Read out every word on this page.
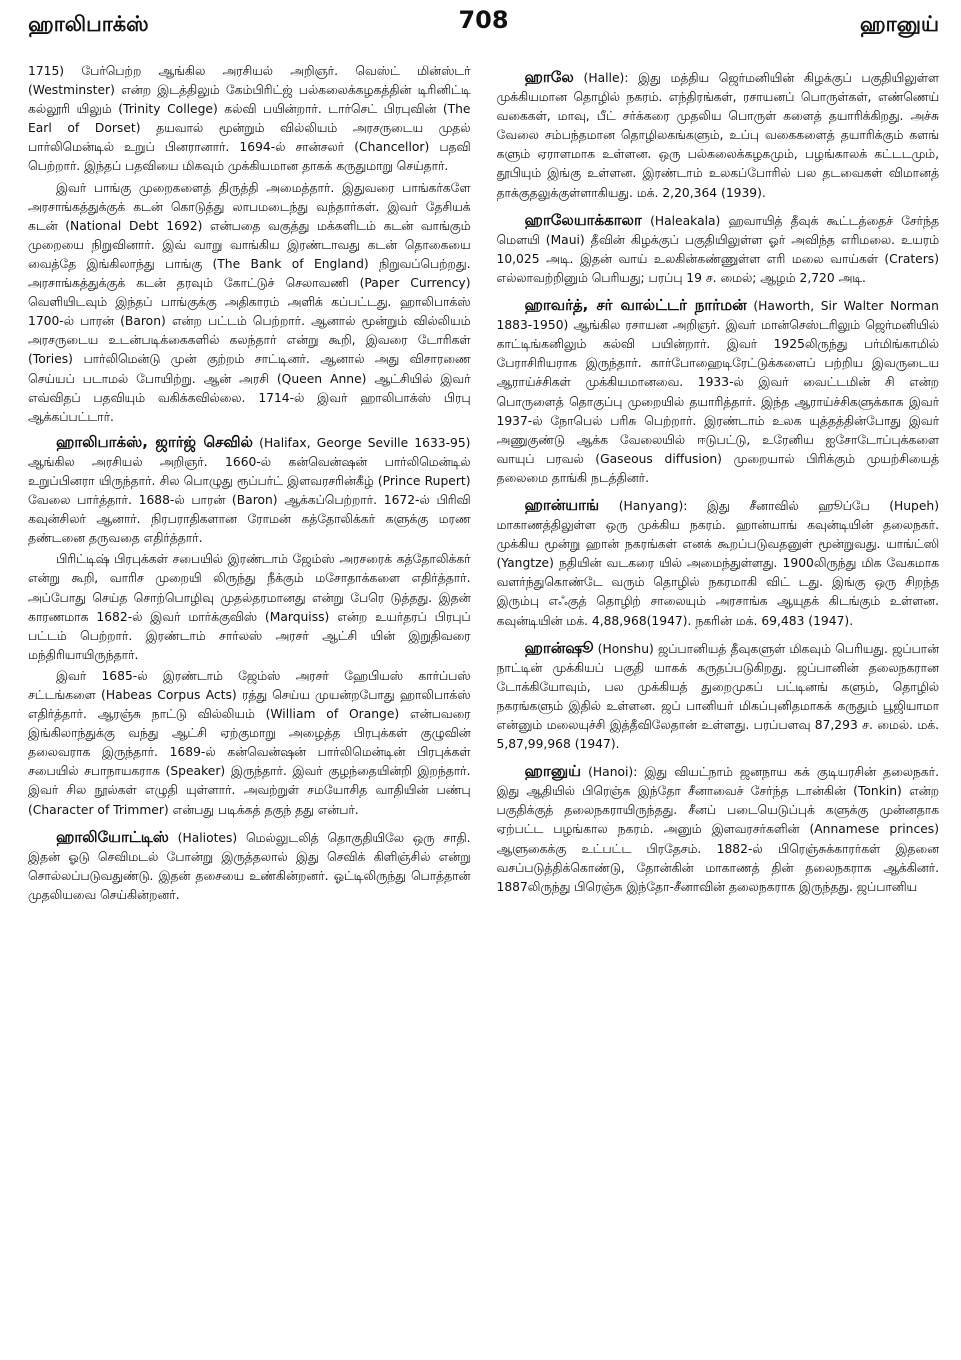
ஹாலிபாக்ஸ்	708	ஹானுய்

1715) பேர்பெற்ற ஆங்கில அரசியல் அறிஞர். வெஸ்ட் மின்ஸ்டர் (Westminster) என்ற இடத்திலும் கேம்பிரிட்ஜ் பல்கலைக்கழகத்தின் டிரினிட்டி கல்லூரி யிலும் (Trinity College) கல்வி பயின்றார். டார்செட் பிரபுவின் (The Earl of Dorset) தயவால் மூன்றும் வில்லியம் அரசருடைய முதல் பார்லிமென்டில் உறுப் பினரானார். 1694-ல் சான்சலர் (Chancellor) பதவி பெற்றார். இந்தப் பதவியை மிகவும் முக்கியமான தாகக் கருதுமாறு செய்தார்.

இவர் பாங்கு முறைகளைத் திருத்தி அமைத்தார். இதுவரை பாங்கர்களே அரசாங்கத்துக்குக் கடன் கொடுத்து லாபமடைந்து வந்தார்கள். இவர் தேசியக் கடன் (National Debt 1692) என்பதை வகுத்து மக்களிடம் கடன் வாங்கும் முறையை நிறுவினார். இவ் வாறு வாங்கிய இரண்டாவது கடன் தொகையை வைத்தே இங்கிலாந்து பாங்கு (The Bank of England) நிறுவப்பெற்றது. அரசாங்கத்துக்குக் கடன் தரவும் கோட்டுச் செலாவணி (Paper Currency) வெளியிடவும் இந்தப் பாங்குக்கு அதிகாரம் அளிக் கப்பட்டது. ஹாலிபாக்ஸ் 1700-ல் பாரன் (Baron) என்ற பட்டம் பெற்றார். ஆனால் மூன்றும் வில்லியம் அரசருடைய உடன்படிக்கைகளில் கலந்தார் என்று கூறி, இவரை டோரிகள் (Tories) பார்லிமென்டு முன் குற்றம் சாட்டினர். ஆனால் அது விசாரணை செய்யப் படாமல் போயிற்று. ஆன் அரசி (Queen Anne) ஆட்சியில் இவர் எவ்விதப் பதவியும் வகிக்கவில்லை. 1714-ல் இவர் ஹாலிபாக்ஸ் பிரபு ஆக்கப்பட்டார்.

ஹாலிபாக்ஸ், ஜார்ஜ் செவில் (Halifax, George Seville 1633-95) ஆங்கில அரசியல் அறிஞர். 1660-ல் கன்வென்ஷன் பார்லிமென்டில் உறுப்பினரா யிருந்தார். சில பொழுது ரூப்பர்ட் இளவரசரின்கீழ் (Prince Rupert) வேலை பார்த்தார். 1688-ல் பாரன் (Baron) ஆக்கப்பெற்றார். 1672-ல் பிரிவி கவுன்சிலர் ஆனார். நிரபராதிகளான ரோமன் கத்தோலிக்கர் களுக்கு மரண தண்டனை தருவதை எதிர்த்தார்.

பிரிட்டிஷ் பிரபுக்கள் சபையில் இரண்டாம் ஜேம்ஸ் அரசரைக் கத்தோலிக்கர் என்று கூறி, வாரிச முறையி லிருந்து நீக்கும் மசோதாக்களை எதிர்த்தார். அப்போது செய்த சொற்பொழிவு முதல்தரமானது என்று பேரெ டுத்தது. இதன் காரணமாக 1682-ல் இவர் மார்க்குவிஸ் (Marquiss) என்ற உயர்தரப் பிரபுப் பட்டம் பெற்றார். இரண்டாம் சார்லஸ் அரசர் ஆட்சி யின் இறுதிவரை மந்திரியாயிருந்தார்.

இவர் 1685-ல் இரண்டாம் ஜேம்ஸ் அரசர் ஹேபியஸ் கார்ப்பஸ் சட்டங்களை (Habeas Corpus Acts) ரத்து செய்ய முயன்றபோது ஹாலிபாக்ஸ் எதிர்த்தார். ஆரஞ்சு நாட்டு வில்லியம் (William of Orange) என்பவரை இங்கிலாந்துக்கு வந்து ஆட்சி ஏற்குமாறு அழைத்த பிரபுக்கள் குழுவின் தலைவராக இருந்தார். 1689-ல் கன்வென்ஷன் பார்லிமென்டின் பிரபுக்கள் சபையில் சபாநாயகராக (Speaker) இருந்தார். இவர் குழந்தையின்றி இறந்தார். இவர் சில நூல்கள் எழுதி யுள்ளார். அவற்றுள் சமயோசித வாதியின் பண்பு (Character of Trimmer) என்பது படிக்கத் தகுந் தது என்பர்.

ஹாலியோட்டிஸ் (Haliotes) மெல்லுடலித் தொகுதியிலே ஒரு சாதி. இதன் ஓடு செவிமடல் போன்று இருத்தலால் இது செவிக் கிளிஞ்சில் என்று சொல்லப்படுவதுண்டு. இதன் தசையை உண்கின்றனர். ஓட்டிலிருந்து பொத்தான் முதலியவை செய்கின்றனர்.

ஹாலே (Halle): இது மத்திய ஜெர்மனியின் கிழக்குப் பகுதியிலுள்ள முக்கியமான தொழில் நகரம். எந்திரங்கள், ரசாயனப் பொருள்கள், எண்ணெய் வகைகள், மாவு, பீட் சர்க்கரை முதலிய பொருள் களைத் தயாரிக்கிறது. அச்சு வேலை சம்பந்தமான தொழிலகங்களும், உப்பு வகைகளைத் தயாரிக்கும் களங் களும் ஏராளமாக உள்ளன. ஒரு பல்கலைக்கழகமும், பழங்காலக் கட்டடமும், தூபியும் இங்கு உள்ளன. இரண்டாம் உலகப்போரில் பல தடவைகள் விமானத் தாக்குதலுக்குள்ளாகியது. மக். 2,20,364 (1939).

ஹாலேயாக்காலா (Haleakala) ஹவாயித் தீவுக் கூட்டத்தைச் சேர்ந்த மௌயி (Maui) தீவின் கிழக்குப் பகுதியிலுள்ள ஓர் அவிந்த எரிமலை. உயரம் 10,025 அடி. இதன் வாய் உலகின்கண்ணுள்ள எரி மலை வாய்கள் (Craters) எல்லாவற்றினும் பெரியது; பரப்பு 19 ச. மைல்; ஆழம் 2,720 அடி.

ஹாவர்த், சர் வால்ட்டர் நார்மன் (Haworth, Sir Walter Norman 1883-1950) ஆங்கில ரசாயன அறிஞர். இவர் மான்செஸ்டரிலும் ஜெர்மனியில் காட்டிங்கனிலும் கல்வி பயின்றார். இவர் 1925லிருந்து பர்மிங்காமில் பேராசிரியராக இருந்தார். கார்போஹைடிரேட்டுக்களைப் பற்றிய இவருடைய ஆராய்ச்சிகள் முக்கியமானவை. 1933-ல் இவர் வைட்டமின் சி என்ற பொருளைத் தொகுப்பு முறையில் தயாரித்தார். இந்த ஆராய்ச்சிகளுக்காக இவர் 1937-ல் நோபெல் பரிசு பெற்றார். இரண்டாம் உலக யுத்தத்தின்போது இவர் அணுகுண்டு ஆக்க வேலையில் ஈடுபட்டு, உரேனிய ஐசோடோப்புக்களை வாயுப் பரவல் (Gaseous diffusion) முறையால் பிரிக்கும் முயற்சியைத் தலைமை தாங்கி நடத்தினர்.

ஹான்யாங் (Hanyang): இது சீனாவில் ஹூப்பே (Hupeh) மாகாணத்திலுள்ள ஒரு முக்கிய நகரம். ஹான்யாங் கவுன்டியின் தலைநகர். முக்கிய மூன்று ஹான் நகரங்கள் எனக் கூறப்படுவதனுள் மூன்றுவது. யாங்ட்ஸி (Yangtze) நதியின் வடகரை யில் அமைந்துள்ளது. 1900லிருந்து மிக வேகமாக வளர்ந்துகொண்டே வரும் தொழில் நகரமாகி விட் டது. இங்கு ஒரு சிறந்த இரும்பு எஃகுத் தொழிற் சாலையும் அரசாங்க ஆயுதக் கிடங்கும் உள்ளன. கவுன்டியின் மக். 4,88,968(1947). நகரின் மக். 69,483 (1947).

ஹான்ஷூ (Honshu) ஜப்பானியத் தீவுகளுள் மிகவும் பெரியது. ஜப்பான் நாட்டின் முக்கியப் பகுதி யாகக் கருதப்படுகிறது. ஜப்பானின் தலைநகரான டோக்கியோவும், பல முக்கியத் துறைமுகப் பட்டினங் களும், தொழில் நகரங்களும் இதில் உள்ளன. ஜப் பானியர் மிகப்புனிதமாகக் கருதும் பூஜியாமா என்னும் மலையுச்சி இத்தீவிலேதான் உள்ளது. பரப்பளவு 87,293 ச. மைல். மக். 5,87,99,968 (1947).

ஹானுய் (Hanoi): இது வியட்நாம் ஜனநாய கக் குடியரசின் தலைநகர். இது ஆதியில் பிரெஞ்சு இந்தோ சீனாவைச் சேர்ந்த டான்கின் (Tonkin) என்ற பகுதிக்குத் தலைநகராயிருந்தது. சீனப் படையெடுப்புக் களுக்கு முன்னதாக ஏற்பட்ட பழங்கால நகரம். அனும் இளவரசர்களின் (Annamese princes) ஆளுகைக்கு உட்பட்ட பிரதேசம். 1882-ல் பிரெஞ்சுக்காரர்கள் இதனை வசப்படுத்திக்கொண்டு, தோன்கின் மாகாணத் தின் தலைநகராக ஆக்கினர். 1887லிருந்து பிரெஞ்சு இந்தோ-சீனாவின் தலைநகராக இருந்தது. ஜப்பானிய
